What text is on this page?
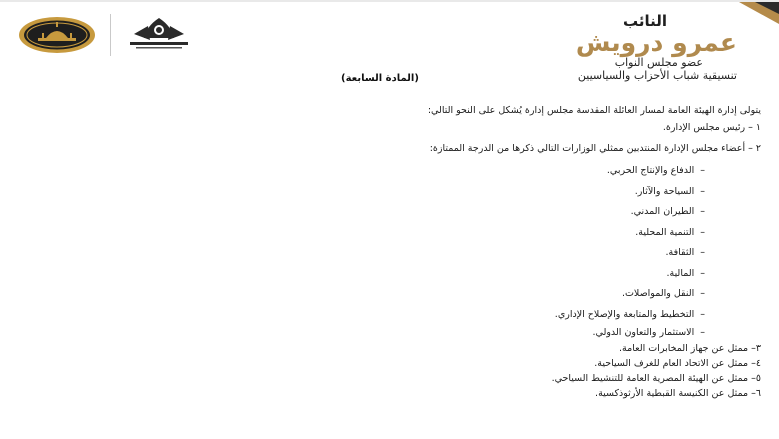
النائب
عمرو درويش
عضو مجلس النواب
تنسيقية شباب الأحزاب والسياسيين
(المادة السابعة)
يتولى إدارة الهيئة العامة لمسار العائلة المقدسة مجلس إدارة يُشكل على النحو التالي:
١ – رئيس مجلس الإدارة.
٢ – أعضاء مجلس الإدارة المنتدبين ممثلي الوزارات التالي ذكرها من الدرجة الممتازة:
–الدفاع والإنتاج الحربي.
–السياحة والآثار.
–الطيران المدني.
–التنمية المحلية.
–الثقافة.
–المالية.
–النقل والمواصلات.
–التخطيط والمتابعة والإصلاح الإداري.
–الاستثمار والتعاون الدولي.
٣– ممثل عن جهاز المخابرات العامة.
٤– ممثل عن الاتحاد العام للغرف السياحية.
٥– ممثل عن الهيئة المصرية العامة للتنشيط السياحي.
٦– ممثل عن الكنيسة القبطية الأرثوذكسية.
